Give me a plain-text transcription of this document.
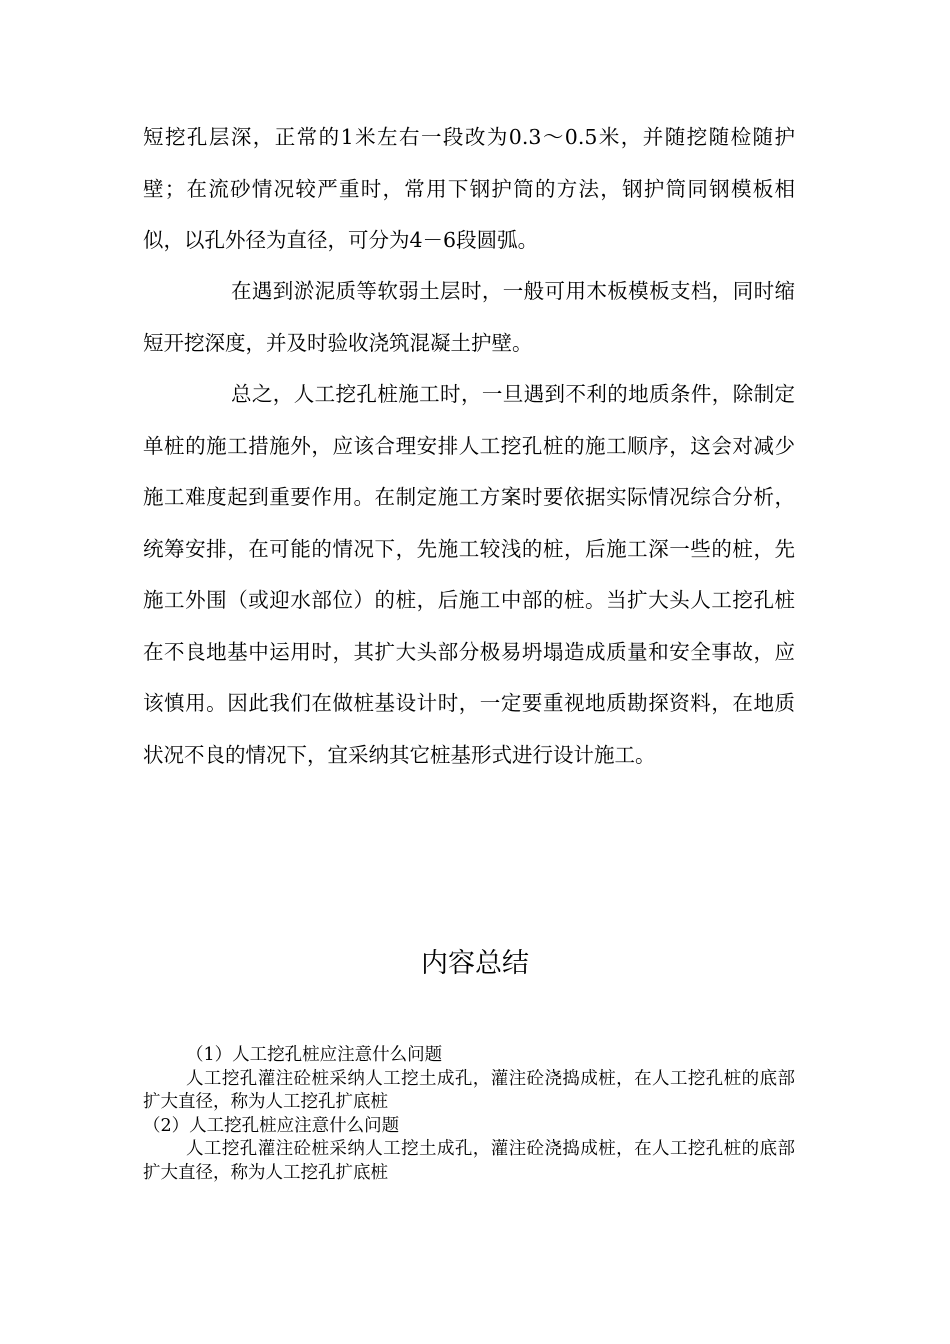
短挖孔层深，正常的1米左右一段改为0.3～0.5米，并随挖随检随护壁；在流砂情况较严重时，常用下钢护筒的方法，钢护筒同钢模板相似，以孔外径为直径，可分为4－6段圆弧。

在遇到淤泥质等软弱土层时，一般可用木板模板支档，同时缩短开挖深度，并及时验收浇筑混凝土护壁。

总之，人工挖孔桩施工时，一旦遇到不利的地质条件，除制定单桩的施工措施外，应该合理安排人工挖孔桩的施工顺序，这会对减少施工难度起到重要作用。在制定施工方案时要依据实际情况综合分析，统筹安排，在可能的情况下，先施工较浅的桩，后施工深一些的桩，先施工外围（或迎水部位）的桩，后施工中部的桩。当扩大头人工挖孔桩在不良地基中运用时，其扩大头部分极易坍塌造成质量和安全事故，应该慎用。因此我们在做桩基设计时，一定要重视地质勘探资料，在地质状况不良的情况下，宜采纳其它桩基形式进行设计施工。

内容总结

（1）人工挖孔桩应注意什么问题

人工挖孔灌注砼桩采纳人工挖土成孔，灌注砼浇捣成桩，在人工挖孔桩的底部扩大直径，称为人工挖孔扩底桩

（2）人工挖孔桩应注意什么问题

人工挖孔灌注砼桩采纳人工挖土成孔，灌注砼浇捣成桩，在人工挖孔桩的底部扩大直径，称为人工挖孔扩底桩
